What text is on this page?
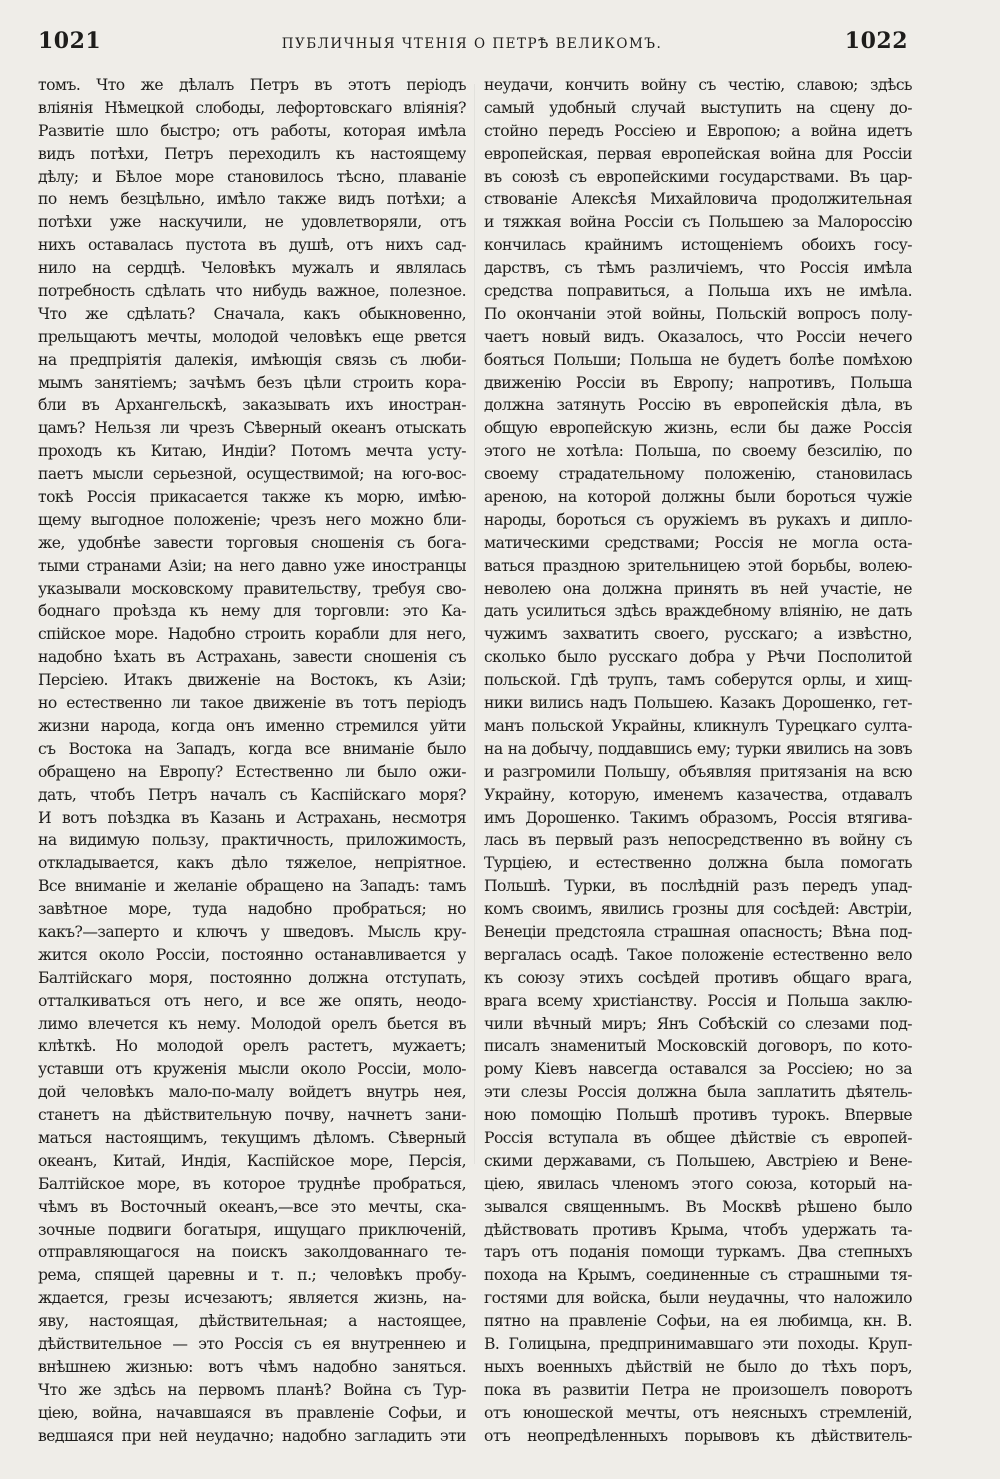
1021	ПУБЛИЧНЫЯ ЧТЕНІЯ О ПЕТРѢ ВЕЛИКОМЪ.	1022
томъ. Что же дѣлалъ Петръ въ этотъ періодъ
вліянія Нѣмецкой слободы, лефортовскаго вліянія?
Развитіе шло быстро; отъ работы, которая имѣла
видъ потѣхи, Петръ переходилъ къ настоящему
дѣлу; и Бѣлое море становилось тѣсно, плаваніе
по немъ безцѣльно, имѣло также видъ потѣхи; а
потѣхи уже наскучили, не удовлетворяли, отъ
нихъ оставалась пустота въ душѣ, отъ нихъ сад-
нило на сердцѣ. Человѣкъ мужалъ и являлась
потребность сдѣлать что нибудь важное, полезное.
Что же сдѣлать? Сначала, какъ обыкновенно,
прельщаютъ мечты, молодой человѣкъ еще рвется
на предпріятія далекія, имѣющія связь съ люби-
мымъ занятіемъ; зачѣмъ безъ цѣли строить кора-
бли въ Архангельскѣ, заказывать ихъ иностран-
цамъ? Нельзя ли чрезъ Сѣверный океанъ отыскать
проходъ къ Китаю, Индіи? Потомъ мечта усту-
паетъ мысли серьезной, осуществимой; на юго-вос-
токѣ Россія прикасается также къ морю, имѣю-
щему выгодное положеніе; чрезъ него можно бли-
же, удобнѣе завести торговыя сношенія съ бога-
тыми странами Азіи; на него давно уже иностранцы
указывали московскому правительству, требуя сво-
боднаго проѣзда къ нему для торговли: это Ка-
спійское море. Надобно строить корабли для него,
надобно ѣхать въ Астрахань, завести сношенія съ
Персіею. Итакъ движеніе на Востокъ, къ Азіи;
но естественно ли такое движеніе въ тотъ періодъ
жизни народа, когда онъ именно стремился уйти
съ Востока на Западъ, когда все вниманіе было
обращено на Европу? Естественно ли было ожи-
дать, чтобъ Петръ началъ съ Каспійскаго моря?
И вотъ поѣздка въ Казань и Астрахань, несмотря
на видимую пользу, практичность, приложимость,
откладывается, какъ дѣло тяжелое, непріятное.
Все вниманіе и желаніе обращено на Западъ: тамъ
завѣтное море, туда надобно пробраться; но
какъ?—заперто и ключъ у шведовъ. Мысль кру-
жится около Россіи, постоянно останавливается у
Балтійскаго моря, постоянно должна отступать,
отталкиваться отъ него, и все же опять, неодо-
лимо влечется къ нему. Молодой орелъ бьется въ
клѣткѣ. Но молодой орелъ растетъ, мужаетъ;
уставши отъ круженія мысли около Россіи, моло-
дой человѣкъ мало-по-малу войдетъ внутрь нея,
станетъ на дѣйствительную почву, начнетъ зани-
маться настоящимъ, текущимъ дѣломъ. Сѣверный
океанъ, Китай, Индія, Каспійское море, Персія,
Балтійское море, въ которое труднѣе пробраться,
чѣмъ въ Восточный океанъ,—все это мечты, ска-
зочные подвиги богатыря, ищущаго приключеній,
отправляющагося на поискъ заколдованнаго те-
рема, спящей царевны и т. п.; человѣкъ пробу-
ждается, грезы исчезаютъ; является жизнь, на-
яву, настоящая, дѣйствительная; а настоящее,
дѣйствительное — это Россія съ ея внутреннею и
внѣшнею жизнью: вотъ чѣмъ надобно заняться.
Что же здѣсь на первомъ планѣ? Война съ Тур-
ціею, война, начавшаяся въ правленіе Софьи, и
ведшаяся при ней неудачно; надобно загладить эти
неудачи, кончить войну съ честію, славою; здѣсь
самый удобный случай выступить на сцену до-
стойно передъ Россіею и Европою; а война идетъ
европейская, первая европейская война для Россіи
въ союзѣ съ европейскими государствами. Въ цар-
ствованіе Алексѣя Михайловича продолжительная
и тяжкая война Россіи съ Польшею за Малороссію
кончилась крайнимъ истощеніемъ обоихъ госу-
дарствъ, съ тѣмъ различіемъ, что Россія имѣла
средства поправиться, а Польша ихъ не имѣла.
По окончаніи этой войны, Польскій вопросъ полу-
чаетъ новый видъ. Оказалось, что Россіи нечего
бояться Польши; Польша не будетъ болѣе помѣхою
движенію Россіи въ Европу; напротивъ, Польша
должна затянуть Россію въ европейскія дѣла, въ
общую европейскую жизнь, если бы даже Россія
этого не хотѣла: Польша, по своему безсилію, по
своему страдательному положенію, становилась
ареною, на которой должны были бороться чужіе
народы, бороться съ оружіемъ въ рукахъ и дипло-
матическими средствами; Россія не могла оста-
ваться праздною зрительницею этой борьбы, волею-
неволею она должна принять въ ней участіе, не
дать усилиться здѣсь враждебному вліянію, не дать
чужимъ захватить своего, русскаго; а извѣстно,
сколько было русскаго добра у Рѣчи Посполитой
польской. Гдѣ трупъ, тамъ соберутся орлы, и хищ-
ники вились надъ Польшею. Казакъ Дорошенко, гет-
манъ польской Украйны, кликнулъ Турецкаго султа-
на на добычу, поддавшись ему; турки явились на зовъ
и разгромили Польшу, объявляя притязанія на всю
Украйну, которую, именемъ казачества, отдавалъ
имъ Дорошенко. Такимъ образомъ, Россія втягива-
лась въ первый разъ непосредственно въ войну съ
Турціею, и естественно должна была помогать
Польшѣ. Турки, въ послѣдній разъ передъ упад-
комъ своимъ, явились грозны для сосѣдей: Австріи,
Венеціи предстояла страшная опасность; Вѣна под-
вергалась осадѣ. Такое положеніе естественно вело
къ союзу этихъ сосѣдей противъ общаго врага,
врага всему христіанству. Россія и Польша заклю-
чили вѣчный миръ; Янъ Собѣскій со слезами под-
писалъ знаменитый Московскій договоръ, по кото-
рому Кіевъ навсегда оставался за Россіею; но за
эти слезы Россія должна была заплатить дѣятель-
ною помощію Польшѣ противъ турокъ. Впервые
Россія вступала въ общее дѣйствіе съ европей-
скими державами, съ Польшею, Австріею и Вене-
ціею, явилась членомъ этого союза, который на-
зывался священнымъ. Въ Москвѣ рѣшено было
дѣйствовать противъ Крыма, чтобъ удержать та-
таръ отъ поданія помощи туркамъ. Два степныхъ
похода на Крымъ, соединенные съ страшными тя-
гостями для войска, были неудачны, что наложило
пятно на правленіе Софьи, на ея любимца, кн. В.
В. Голицына, предпринимавшаго эти походы. Круп-
ныхъ военныхъ дѣйствій не было до тѣхъ поръ,
пока въ развитіи Петра не произошелъ поворотъ
отъ юношеской мечты, отъ неясныхъ стремленій,
отъ неопредѣленныхъ порывовъ къ дѣйствитель-
